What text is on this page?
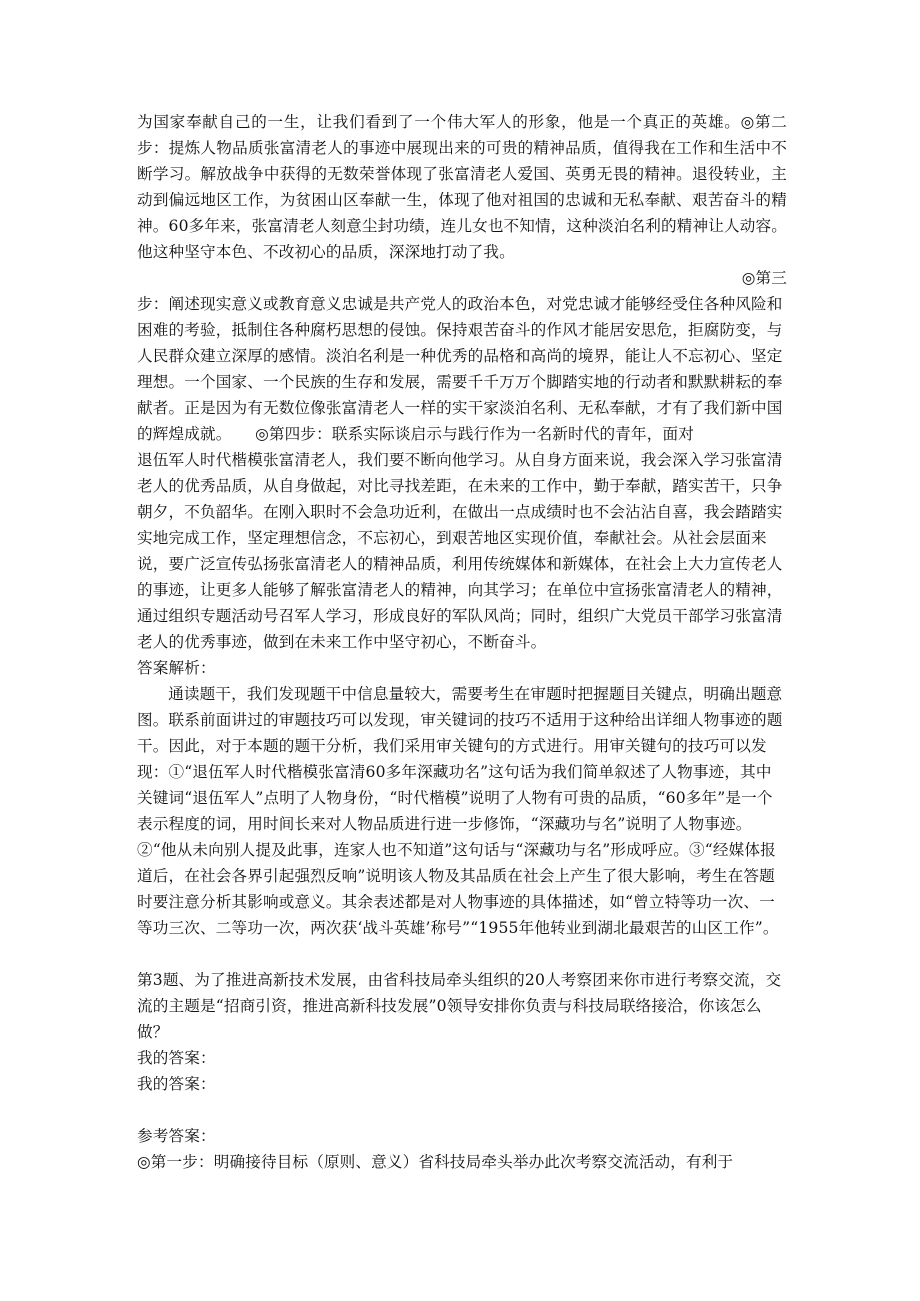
为国家奉献自己的一生，让我们看到了一个伟大军人的形象，他是一个真正的英雄。◎第二步：提炼人物品质张富清老人的事迹中展现出来的可贵的精神品质，值得我在工作和生活中不断学习。解放战争中获得的无数荣誉体现了张富清老人爱国、英勇无畏的精神。退役转业，主动到偏远地区工作，为贫困山区奉献一生，体现了他对祖国的忠诚和无私奉献、艰苦奋斗的精神。60多年来，张富清老人刻意尘封功绩，连儿女也不知情，这种淡泊名利的精神让人动容。他这种坚守本色、不改初心的品质，深深地打动了我。

◎第三

步：阐述现实意义或教育意义忠诚是共产党人的政治本色，对党忠诚才能够经受住各种风险和困难的考验，抵制住各种腐朽思想的侵蚀。保持艰苦奋斗的作风才能居安思危，拒腐防变，与人民群众建立深厚的感情。淡泊名利是一种优秀的品格和高尚的境界，能让人不忘初心、坚定理想。一个国家、一个民族的生存和发展，需要千千万万个脚踏实地的行动者和默默耕耘的奉献者。正是因为有无数位像张富清老人一样的实干家淡泊名利、无私奉献，才有了我们新中国的辉煌成就。　　◎第四步：联系实际谈启示与践行作为一名新时代的青年，面对

退伍军人时代楷模张富清老人，我们要不断向他学习。从自身方面来说，我会深入学习张富清老人的优秀品质，从自身做起，对比寻找差距，在未来的工作中，勤于奉献，踏实苦干，只争朝夕，不负韶华。在刚入职时不会急功近利，在做出一点成绩时也不会沾沾自喜，我会踏踏实实地完成工作，坚定理想信念，不忘初心，到艰苦地区实现价值，奉献社会。从社会层面来说，要广泛宣传弘扬张富清老人的精神品质，利用传统媒体和新媒体，在社会上大力宣传老人的事迹，让更多人能够了解张富清老人的精神，向其学习；在单位中宣扬张富清老人的精神，通过组织专题活动号召军人学习，形成良好的军队风尚；同时，组织广大党员干部学习张富清老人的优秀事迹，做到在未来工作中坚守初心，不断奋斗。

答案解析：

通读题干，我们发现题干中信息量较大，需要考生在审题时把握题目关键点，明确出题意图。联系前面讲过的审题技巧可以发现，审关键词的技巧不适用于这种给出详细人物事迹的题干。因此，对于本题的题干分析，我们采用审关键句的方式进行。用审关键句的技巧可以发现：①“退伍军人时代楷模张富清60多年深藏功名”这句话为我们简单叙述了人物事迹，其中关键词“退伍军人”点明了人物身份，“时代楷模”说明了人物有可贵的品质，“60多年”是一个表示程度的词，用时间长来对人物品质进行进一步修饰，“深藏功与名”说明了人物事迹。②“他从未向别人提及此事，连家人也不知道”这句话与“深藏功与名”形成呼应。③“经媒体报道后，在社会各界引起强烈反响”说明该人物及其品质在社会上产生了很大影响，考生在答题时要注意分析其影响或意义。其余表述都是对人物事迹的具体描述，如“曾立特等功一次、一等功三次、二等功一次，两次获‘战斗英雄’称号”“1955年他转业到湖北最艰苦的山区工作”。

第3题、为了推进高新技术发展，由省科技局牵头组织的20人考察团来你市进行考察交流，交流的主题是“招商引资，推进高新科技发展”0领导安排你负责与科技局联络接洽，你该怎么做？

我的答案：

我的答案：

参考答案：

◎第一步：明确接待目标（原则、意义）省科技局牵头举办此次考察交流活动，有利于
